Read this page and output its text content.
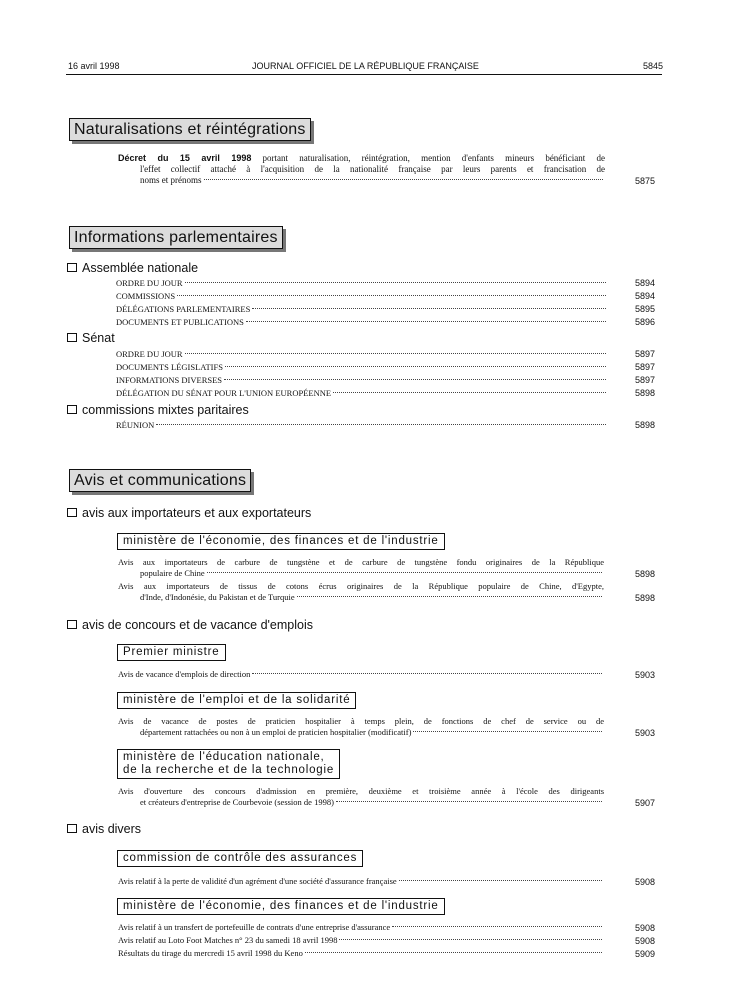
16 avril 1998	JOURNAL OFFICIEL DE LA RÉPUBLIQUE FRANÇAISE	5845
Naturalisations et réintégrations
Décret du 15 avril 1998 portant naturalisation, réintégration, mention d'enfants mineurs bénéficiant de
l'effet collectif attaché à l'acquisition de la nationalité française par leurs parents et francisation de
noms et prénoms	5875
Informations parlementaires
Assemblée nationale
ORDRE DU JOUR	5894
COMMISSIONS	5894
DÉLÉGATIONS PARLEMENTAIRES	5895
DOCUMENTS ET PUBLICATIONS	5896
Sénat
ORDRE DU JOUR	5897
DOCUMENTS LÉGISLATIFS	5897
INFORMATIONS DIVERSES	5897
DÉLÉGATION DU SÉNAT POUR L'UNION EUROPÉENNE	5898
commissions mixtes paritaires
RÉUNION	5898
Avis et communications
avis aux importateurs et aux exportateurs
ministère de l'économie, des finances et de l'industrie
Avis aux importateurs de carbure de tungstène et de carbure de tungstène fondu originaires de la République
populaire de Chine	5898
Avis aux importateurs de tissus de cotons écrus originaires de la République populaire de Chine, d'Egypte,
d'Inde, d'Indonésie, du Pakistan et de Turquie	5898
avis de concours et de vacance d'emplois
Premier ministre
Avis de vacance d'emplois de direction	5903
ministère de l'emploi et de la solidarité
Avis de vacance de postes de praticien hospitalier à temps plein, de fonctions de chef de service ou de
département rattachées ou non à un emploi de praticien hospitalier (modificatif)	5903
ministère de l'éducation nationale,
de la recherche et de la technologie
Avis d'ouverture des concours d'admission en première, deuxième et troisième année à l'école des dirigeants
et créateurs d'entreprise de Courbevoie (session de 1998)	5907
avis divers
commission de contrôle des assurances
Avis relatif à la perte de validité d'un agrément d'une société d'assurance française	5908
ministère de l'économie, des finances et de l'industrie
Avis relatif à un transfert de portefeuille de contrats d'une entreprise d'assurance	5908
Avis relatif au Loto Foot Matches n° 23 du samedi 18 avril 1998	5908
Résultats du tirage du mercredi 15 avril 1998 du Keno	5909
